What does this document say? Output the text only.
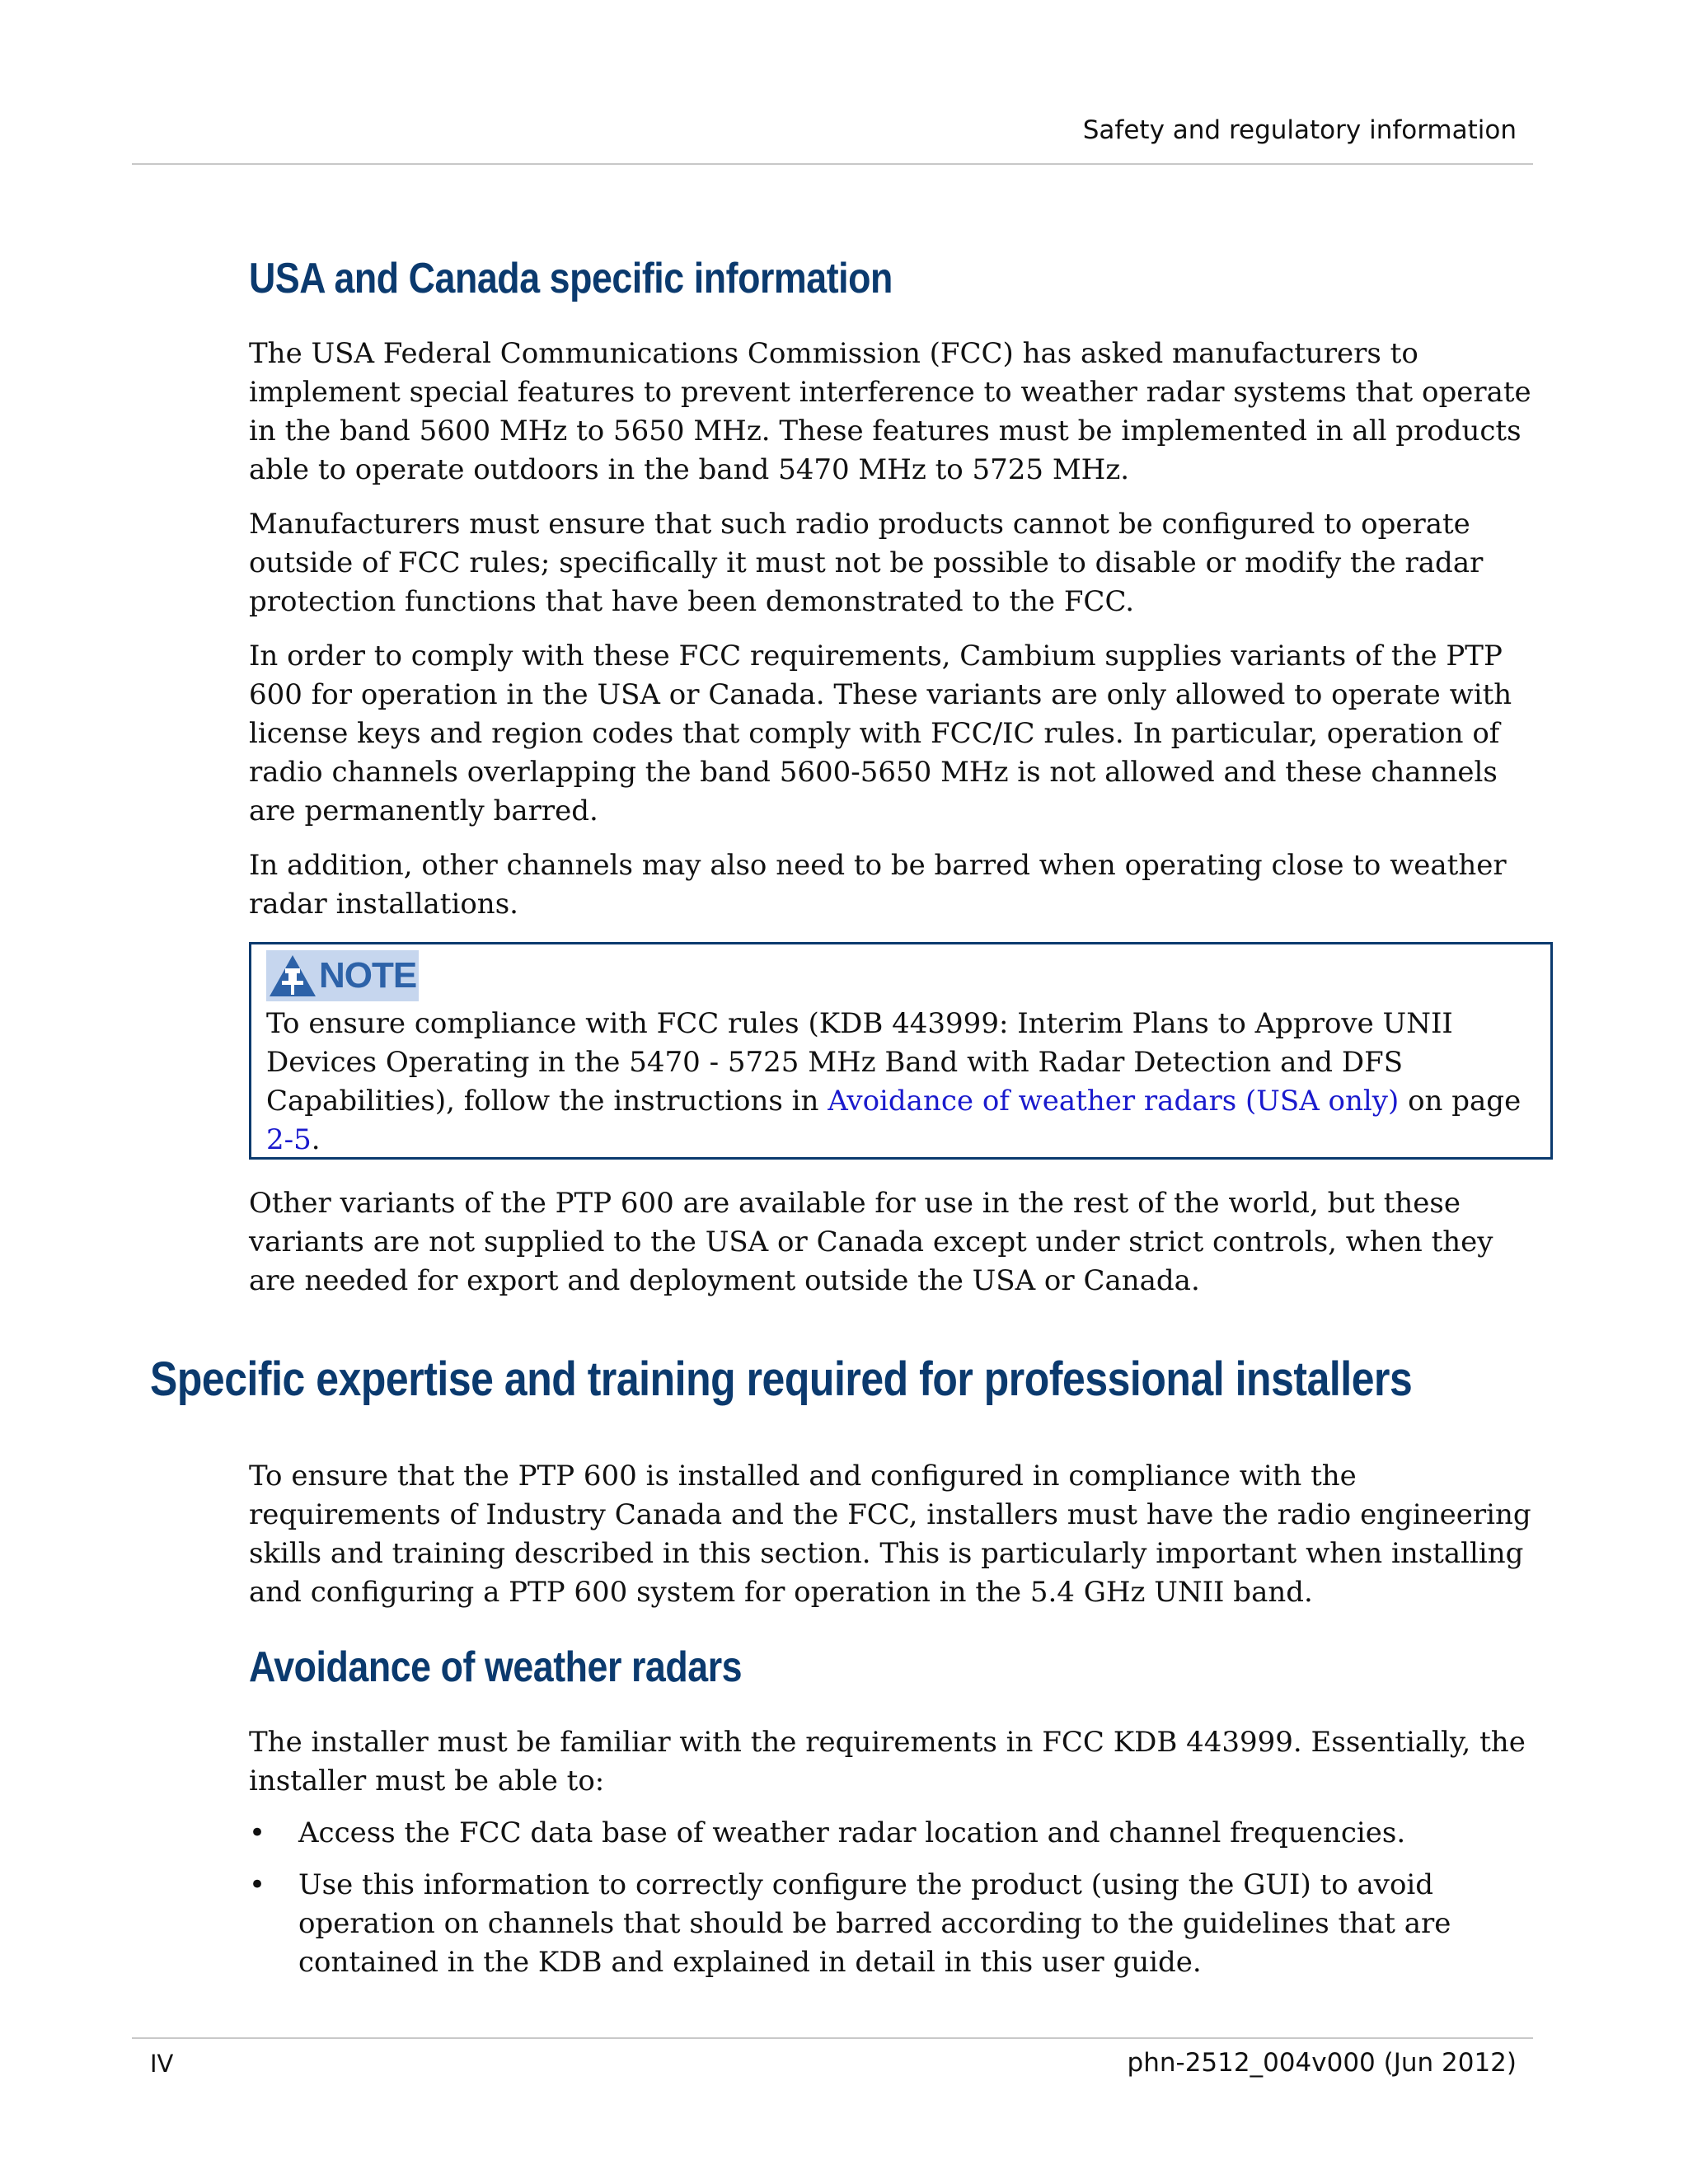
Safety and regulatory information
USA and Canada specific information

The USA Federal Communications Commission (FCC) has asked manufacturers to implement special features to prevent interference to weather radar systems that operate in the band 5600 MHz to 5650 MHz. These features must be implemented in all products able to operate outdoors in the band 5470 MHz to 5725 MHz.

Manufacturers must ensure that such radio products cannot be configured to operate outside of FCC rules; specifically it must not be possible to disable or modify the radar protection functions that have been demonstrated to the FCC.

In order to comply with these FCC requirements, Cambium supplies variants of the PTP 600 for operation in the USA or Canada. These variants are only allowed to operate with license keys and region codes that comply with FCC/IC rules. In particular, operation of radio channels overlapping the band 5600-5650 MHz is not allowed and these channels are permanently barred.

In addition, other channels may also need to be barred when operating close to weather radar installations.

NOTE
To ensure compliance with FCC rules (KDB 443999: Interim Plans to Approve UNII Devices Operating in the 5470 - 5725 MHz Band with Radar Detection and DFS Capabilities), follow the instructions in Avoidance of weather radars (USA only) on page 2-5.

Other variants of the PTP 600 are available for use in the rest of the world, but these variants are not supplied to the USA or Canada except under strict controls, when they are needed for export and deployment outside the USA or Canada.

Specific expertise and training required for professional installers

To ensure that the PTP 600 is installed and configured in compliance with the requirements of Industry Canada and the FCC, installers must have the radio engineering skills and training described in this section. This is particularly important when installing and configuring a PTP 600 system for operation in the 5.4 GHz UNII band.

Avoidance of weather radars

The installer must be familiar with the requirements in FCC KDB 443999. Essentially, the installer must be able to:

• Access the FCC data base of weather radar location and channel frequencies.
• Use this information to correctly configure the product (using the GUI) to avoid operation on channels that should be barred according to the guidelines that are contained in the KDB and explained in detail in this user guide.
IV	phn-2512_004v000 (Jun 2012)
